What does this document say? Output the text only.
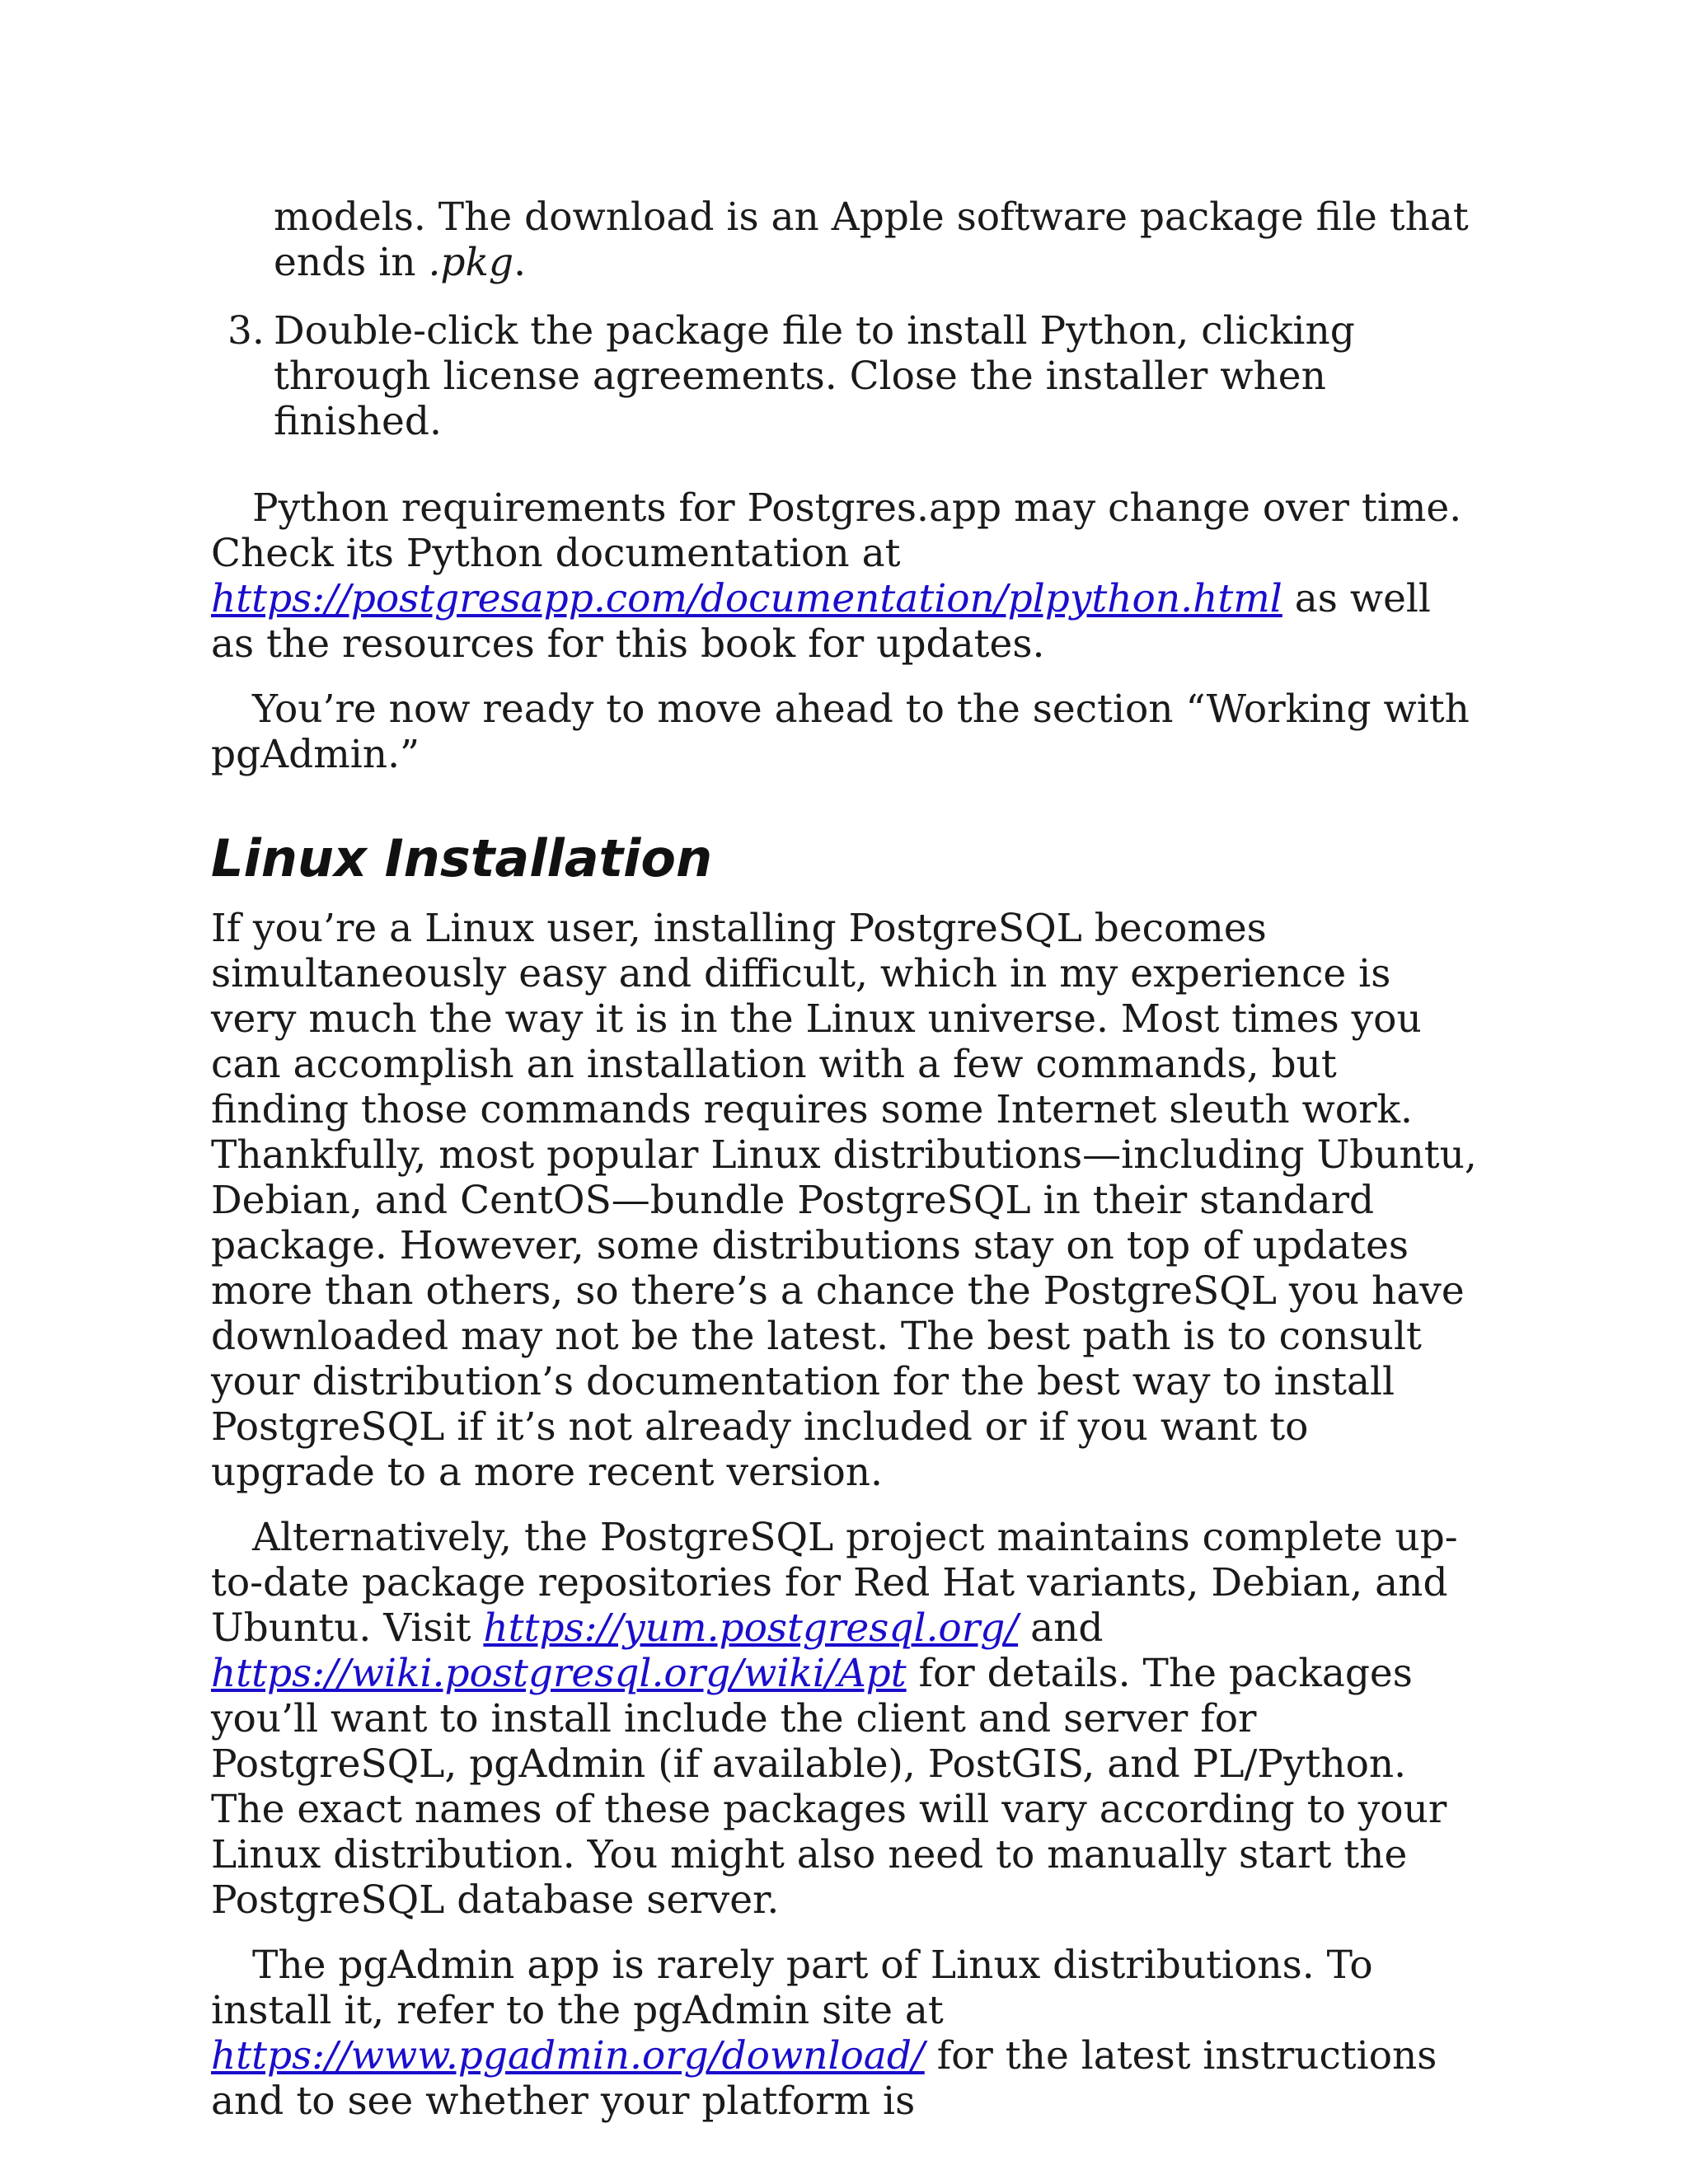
models. The download is an Apple software package file that ends in .pkg.

3. Double-click the package file to install Python, clicking through license agreements. Close the installer when finished.

Python requirements for Postgres.app may change over time. Check its Python documentation at https://postgresapp.com/documentation/plpython.html as well as the resources for this book for updates.

You’re now ready to move ahead to the section “Working with pgAdmin.”

Linux Installation

If you’re a Linux user, installing PostgreSQL becomes simultaneously easy and difficult, which in my experience is very much the way it is in the Linux universe. Most times you can accomplish an installation with a few commands, but finding those commands requires some Internet sleuth work. Thankfully, most popular Linux distributions—including Ubuntu, Debian, and CentOS—bundle PostgreSQL in their standard package. However, some distributions stay on top of updates more than others, so there’s a chance the PostgreSQL you have downloaded may not be the latest. The best path is to consult your distribution’s documentation for the best way to install PostgreSQL if it’s not already included or if you want to upgrade to a more recent version.

Alternatively, the PostgreSQL project maintains complete up-to-date package repositories for Red Hat variants, Debian, and Ubuntu. Visit https://yum.postgresql.org/ and https://wiki.postgresql.org/wiki/Apt for details. The packages you’ll want to install include the client and server for PostgreSQL, pgAdmin (if available), PostGIS, and PL/Python. The exact names of these packages will vary according to your Linux distribution. You might also need to manually start the PostgreSQL database server.

The pgAdmin app is rarely part of Linux distributions. To install it, refer to the pgAdmin site at https://www.pgadmin.org/download/ for the latest instructions and to see whether your platform is
